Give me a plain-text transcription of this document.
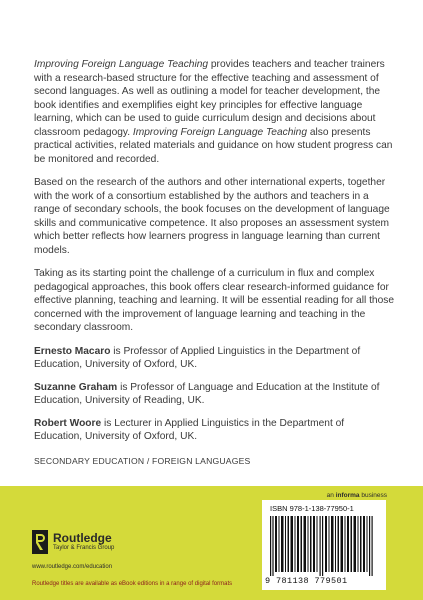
Improving Foreign Language Teaching provides teachers and teacher trainers with a research-based structure for the effective teaching and assessment of second languages. As well as outlining a model for teacher development, the book identifies and exemplifies eight key principles for effective language learning, which can be used to guide curriculum design and decisions about classroom pedagogy. Improving Foreign Language Teaching also presents practical activities, related materials and guidance on how student progress can be monitored and recorded.

Based on the research of the authors and other international experts, together with the work of a consortium established by the authors and teachers in a range of secondary schools, the book focuses on the development of language skills and communicative competence. It also proposes an assessment system which better reflects how learners progress in language learning than current models.

Taking as its starting point the challenge of a curriculum in flux and complex pedagogical approaches, this book offers clear research-informed guidance for effective planning, teaching and learning. It will be essential reading for all those concerned with the improvement of language learning and teaching in the secondary classroom.

Ernesto Macaro is Professor of Applied Linguistics in the Department of Education, University of Oxford, UK.

Suzanne Graham is Professor of Language and Education at the Institute of Education, University of Reading, UK.

Robert Woore is Lecturer in Applied Linguistics in the Department of Education, University of Oxford, UK.

SECONDARY EDUCATION / FOREIGN LANGUAGES
an informa business
Routledge
Taylor & Francis Group
www.routledge.com/education
Routledge titles are available as eBook editions in a range of digital formats
ISBN 978-1-138-77950-1
9 781138 779501
